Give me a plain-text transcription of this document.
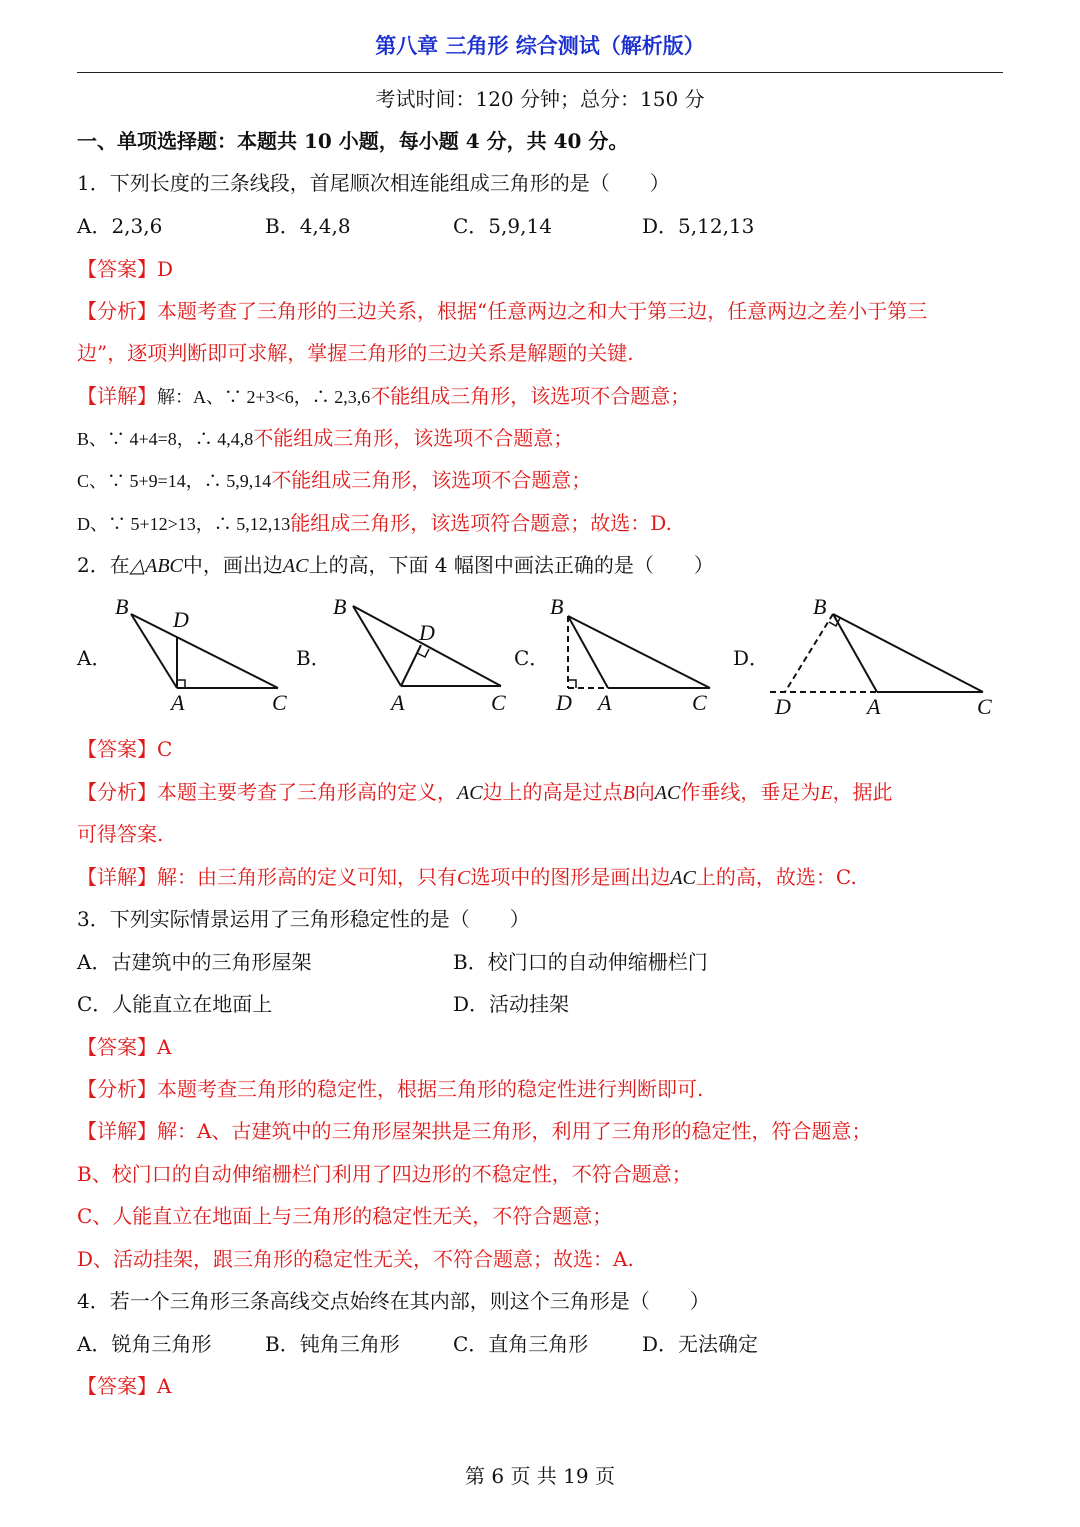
第八章 三角形 综合测试（解析版）
考试时间：120 分钟；总分：150 分
一、单项选择题：本题共 10 小题，每小题 4 分，共 40 分。
1．下列长度的三条线段，首尾顺次相连能组成三角形的是（　　）
A．2,3,6	B．4,4,8	C．5,9,14	D．5,12,13
【答案】D
【分析】本题考查了三角形的三边关系，根据“任意两边之和大于第三边，任意两边之差小于第三
边”，逐项判断即可求解，掌握三角形的三边关系是解题的关键.
【详解】解：A、∵ 2+3<6，∴ 2,3,6不能组成三角形，该选项不合题意；
B、∵ 4+4=8，∴ 4,4,8不能组成三角形，该选项不合题意；
C、∵ 5+9=14，∴ 5,9,14不能组成三角形，该选项不合题意；
D、∵ 5+12>13，∴ 5,12,13能组成三角形，该选项符合题意；故选：D.
2．在△ABC中，画出边AC上的高，下面 4 幅图中画法正确的是（　　）
A．
B
D
A	C
B．
B
D
A	C
C．
B
D A	C
D．
B
D	A	C
【答案】C
【分析】本题主要考查了三角形高的定义，AC边上的高是过点B向AC作垂线，垂足为E，据此
可得答案.
【详解】解：由三角形高的定义可知，只有C选项中的图形是画出边AC上的高，故选：C.
3．下列实际情景运用了三角形稳定性的是（　　）
A．古建筑中的三角形屋架	B．校门口的自动伸缩栅栏门
C．人能直立在地面上	D．活动挂架
【答案】A
【分析】本题考查三角形的稳定性，根据三角形的稳定性进行判断即可.
【详解】解：A、古建筑中的三角形屋架拱是三角形，利用了三角形的稳定性，符合题意；
B、校门口的自动伸缩栅栏门利用了四边形的不稳定性，不符合题意；
C、人能直立在地面上与三角形的稳定性无关，不符合题意；
D、活动挂架，跟三角形的稳定性无关，不符合题意；故选：A.
4．若一个三角形三条高线交点始终在其内部，则这个三角形是（　　）
A．锐角三角形	B．钝角三角形	C．直角三角形	D．无法确定
【答案】A
第 6 页 共 19 页
